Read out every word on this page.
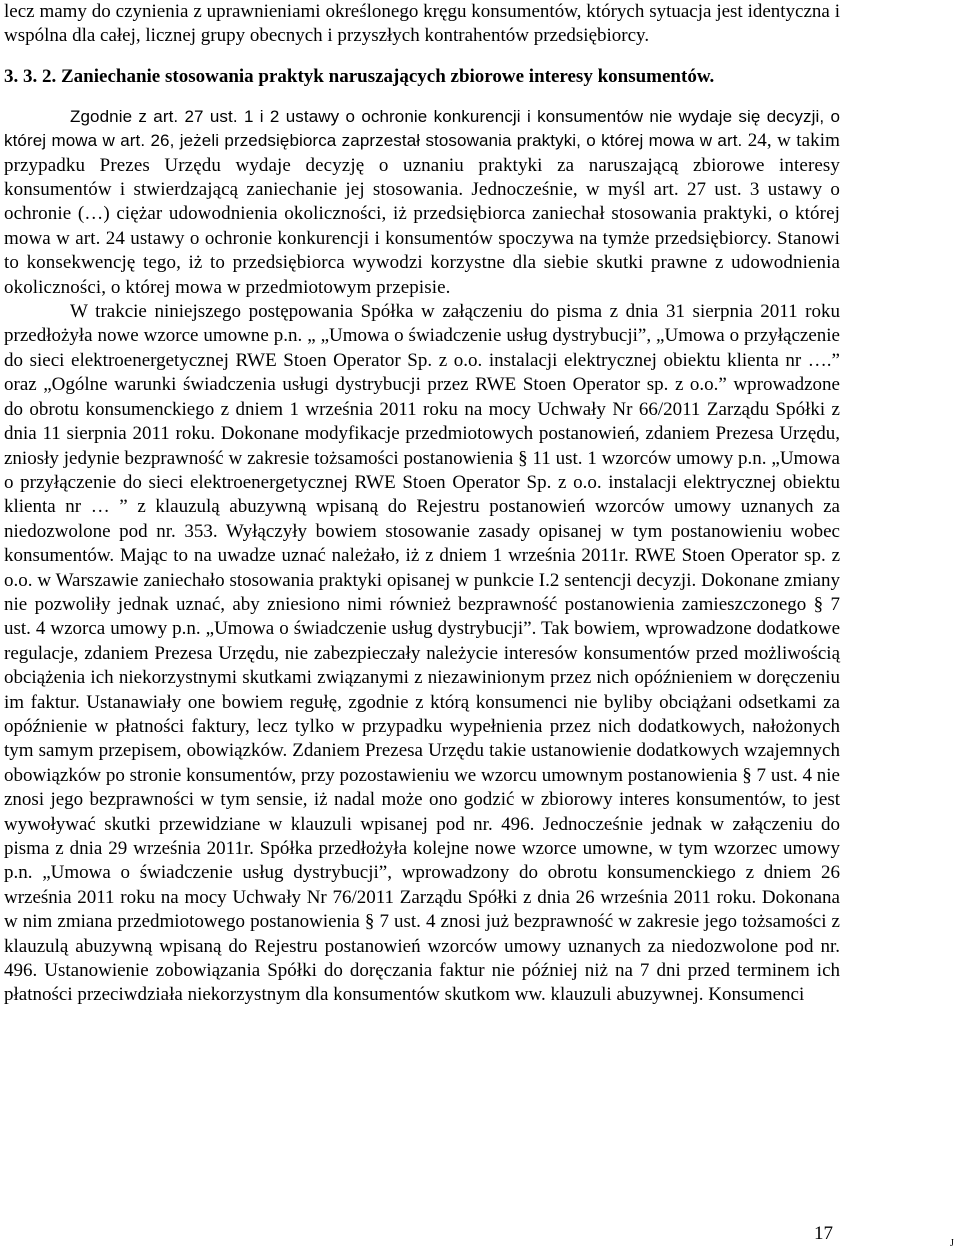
lecz mamy do czynienia z uprawnieniami określonego kręgu konsumentów, których sytuacja jest identyczna i wspólna dla całej, licznej grupy obecnych i przyszłych kontrahentów przedsiębiorcy.

3. 3. 2. Zaniechanie stosowania praktyk naruszających zbiorowe interesy konsumentów.

Zgodnie z art. 27 ust. 1 i 2 ustawy o ochronie konkurencji i konsumentów nie wydaje się decyzji, o której mowa w art. 26, jeżeli przedsiębiorca zaprzestał stosowania praktyki, o której mowa w art. 24, w takim przypadku Prezes Urzędu wydaje decyzję o uznaniu praktyki za naruszającą zbiorowe interesy konsumentów i stwierdzającą zaniechanie jej stosowania. Jednocześnie, w myśl art. 27 ust. 3 ustawy o ochronie (…) ciężar udowodnienia okoliczności, iż przedsiębiorca zaniechał stosowania praktyki, o której mowa w art. 24 ustawy o ochronie konkurencji i konsumentów spoczywa na tymże przedsiębiorcy. Stanowi to konsekwencję tego, iż to przedsiębiorca wywodzi korzystne dla siebie skutki prawne z udowodnienia okoliczności, o której mowa w przedmiotowym przepisie.

W trakcie niniejszego postępowania Spółka w załączeniu do pisma z dnia 31 sierpnia 2011 roku przedłożyła nowe wzorce umowne p.n. „ „Umowa o świadczenie usług dystrybucji”, „Umowa o przyłączenie do sieci elektroenergetycznej RWE Stoen Operator Sp. z o.o. instalacji elektrycznej obiektu klienta nr ….” oraz „Ogólne warunki świadczenia usługi dystrybucji przez RWE Stoen Operator sp. z o.o.” wprowadzone do obrotu konsumenckiego z dniem 1 września 2011 roku na mocy Uchwały Nr 66/2011 Zarządu Spółki z dnia 11 sierpnia 2011 roku. Dokonane modyfikacje przedmiotowych postanowień, zdaniem Prezesa Urzędu, zniosły jedynie bezprawność w zakresie tożsamości postanowienia § 11 ust. 1 wzorców umowy p.n. „Umowa o przyłączenie do sieci elektroenergetycznej RWE Stoen Operator Sp. z o.o. instalacji elektrycznej obiektu klienta nr … ” z klauzulą abuzywną wpisaną do Rejestru postanowień wzorców umowy uznanych za niedozwolone pod nr. 353. Wyłączyły bowiem stosowanie zasady opisanej w tym postanowieniu wobec konsumentów. Mając to na uwadze uznać należało, iż z dniem 1 września 2011r. RWE Stoen Operator sp. z o.o. w Warszawie zaniechało stosowania praktyki opisanej w punkcie I.2 sentencji decyzji. Dokonane zmiany nie pozwoliły jednak uznać, aby zniesiono nimi również bezprawność postanowienia zamieszczonego § 7 ust. 4 wzorca umowy p.n. „Umowa o świadczenie usług dystrybucji”. Tak bowiem, wprowadzone dodatkowe regulacje, zdaniem Prezesa Urzędu, nie zabezpieczały należycie interesów konsumentów przed możliwością obciążenia ich niekorzystnymi skutkami związanymi z niezawinionym przez nich opóźnieniem w doręczeniu im faktur. Ustanawiały one bowiem regułę, zgodnie z którą konsumenci nie byliby obciążani odsetkami za opóźnienie w płatności faktury, lecz tylko w przypadku wypełnienia przez nich dodatkowych, nałożonych tym samym przepisem, obowiązków. Zdaniem Prezesa Urzędu takie ustanowienie dodatkowych wzajemnych obowiązków po stronie konsumentów, przy pozostawieniu we wzorcu umownym postanowienia § 7 ust. 4 nie znosi jego bezprawności w tym sensie, iż nadal może ono godzić w zbiorowy interes konsumentów, to jest wywoływać skutki przewidziane w klauzuli wpisanej pod nr. 496. Jednocześnie jednak w załączeniu do pisma z dnia 29 września 2011r. Spółka przedłożyła kolejne nowe wzorce umowne, w tym wzorzec umowy p.n. „Umowa o świadczenie usług dystrybucji”, wprowadzony do obrotu konsumenckiego z dniem 26 września 2011 roku na mocy Uchwały Nr 76/2011 Zarządu Spółki z dnia 26 września 2011 roku. Dokonana w nim zmiana przedmiotowego postanowienia § 7 ust. 4 znosi już bezprawność w zakresie jego tożsamości z klauzulą abuzywną wpisaną do Rejestru postanowień wzorców umowy uznanych za niedozwolone pod nr. 496. Ustanowienie zobowiązania Spółki do doręczania faktur nie później niż na 7 dni przed terminem ich płatności przeciwdziała niekorzystnym dla konsumentów skutkom ww. klauzuli abuzywnej. Konsumenci

17	J
